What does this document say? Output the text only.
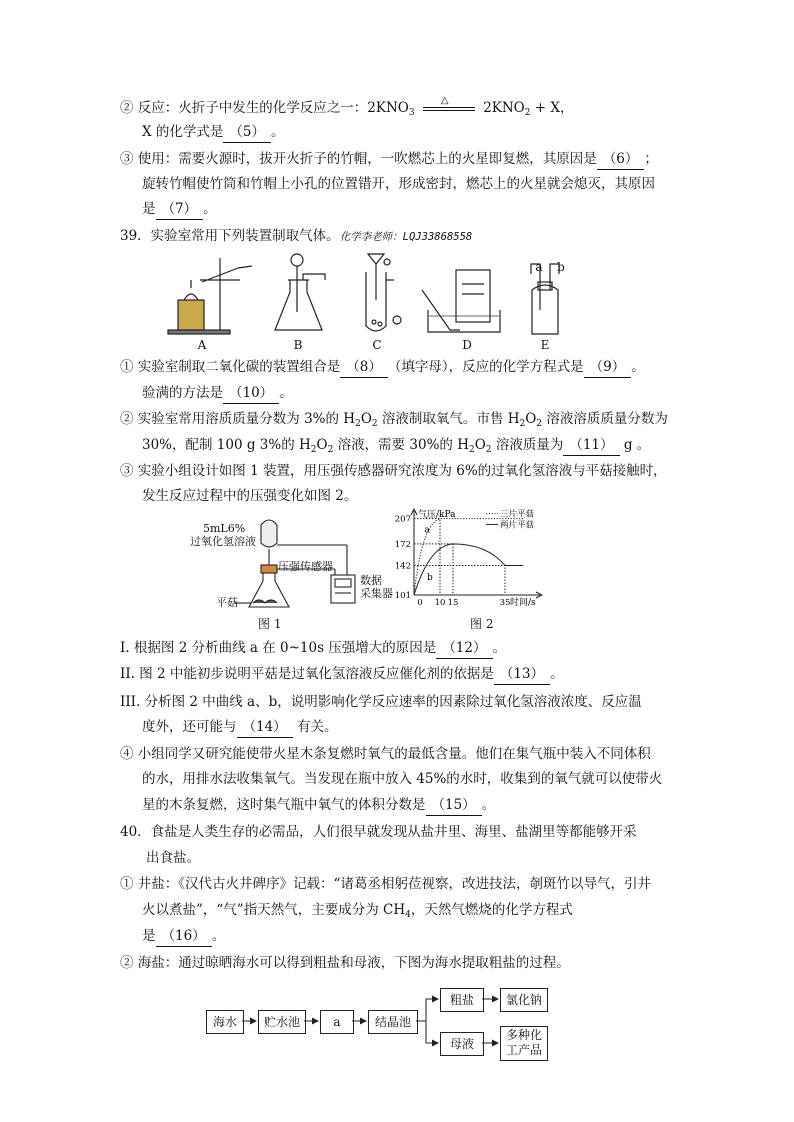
② 反应：火折子中发生的化学反应之一：$2KNO_3$
△	$2KNO_2 + X$，
X 的化学式是 （5） 。
③ 使用：需要火源时，拔开火折子的竹帽，一吹燃芯上的火星即复燃，其原因是 （6） ；
旋转竹帽使竹筒和竹帽上小孔的位置错开，形成密封，燃芯上的火星就会熄灭，其原因
是 （7） 。
39．实验室常用下列装置制取气体。化学李老师：LQJ33868558
a	b
A	B	C	D	E
① 实验室制取二氧化碳的装置组合是 （8） （填字母），反应的化学方程式是 （9） 。
验满的方法是 （10） 。
② 实验室常用溶质质量分数为 3%的 $H_2O_2$ 溶液制取氧气。市售 $H_2O_2$ 溶液溶质质量分数为
30%，配制 100 g 3%的 $H_2O_2$ 溶液，需要 30%的 $H_2O_2$ 溶液质量为 （11） g 。
③ 实验小组设计如图 1 装置，用压强传感器研究浓度为 6%的过氧化氢溶液与平菇接触时，
发生反应过程中的压强变化如图 2。
5mL6%
过氧化氢溶液
压强传感器
数据
采集器
平菇
图 1
气压/kPa
时间/s
207
172
142
101
0 10 15	35
a
b
三片平菇
两片平菇
图 2
I. 根据图 2 分析曲线 a 在 0~10s 压强增大的原因是 （12） 。
II. 图 2 中能初步说明平菇是过氧化氢溶液反应催化剂的依据是 （13） 。
III. 分析图 2 中曲线 a、b，说明影响化学反应速率的因素除过氧化氢溶液浓度、反应温
度外，还可能与 （14） 有关。
④ 小组同学又研究能使带火星木条复燃时氧气的最低含量。他们在集气瓶中装入不同体积
的水，用排水法收集氧气。当发现在瓶中放入 45%的水时，收集到的氧气就可以使带火
星的木条复燃，这时集气瓶中氧气的体积分数是 （15） 。
40．食盐是人类生存的必需品，人们很早就发现从盐井里、海里、盐湖里等都能够开采
出食盐。
① 井盐：《汉代古火井碑序》记载：“诸葛丞相躬莅视察，改进技法，剞斑竹以导气，引井
火以煮盐”，“气”指天然气，主要成分为 $CH_4$，天然气燃烧的化学方程式
是 （16） 。
② 海盐：通过晾晒海水可以得到粗盐和母液，下图为海水提取粗盐的过程。
海水	贮水池	a	结晶池
粗盐	氯化钠
母液
多种化
工产品
